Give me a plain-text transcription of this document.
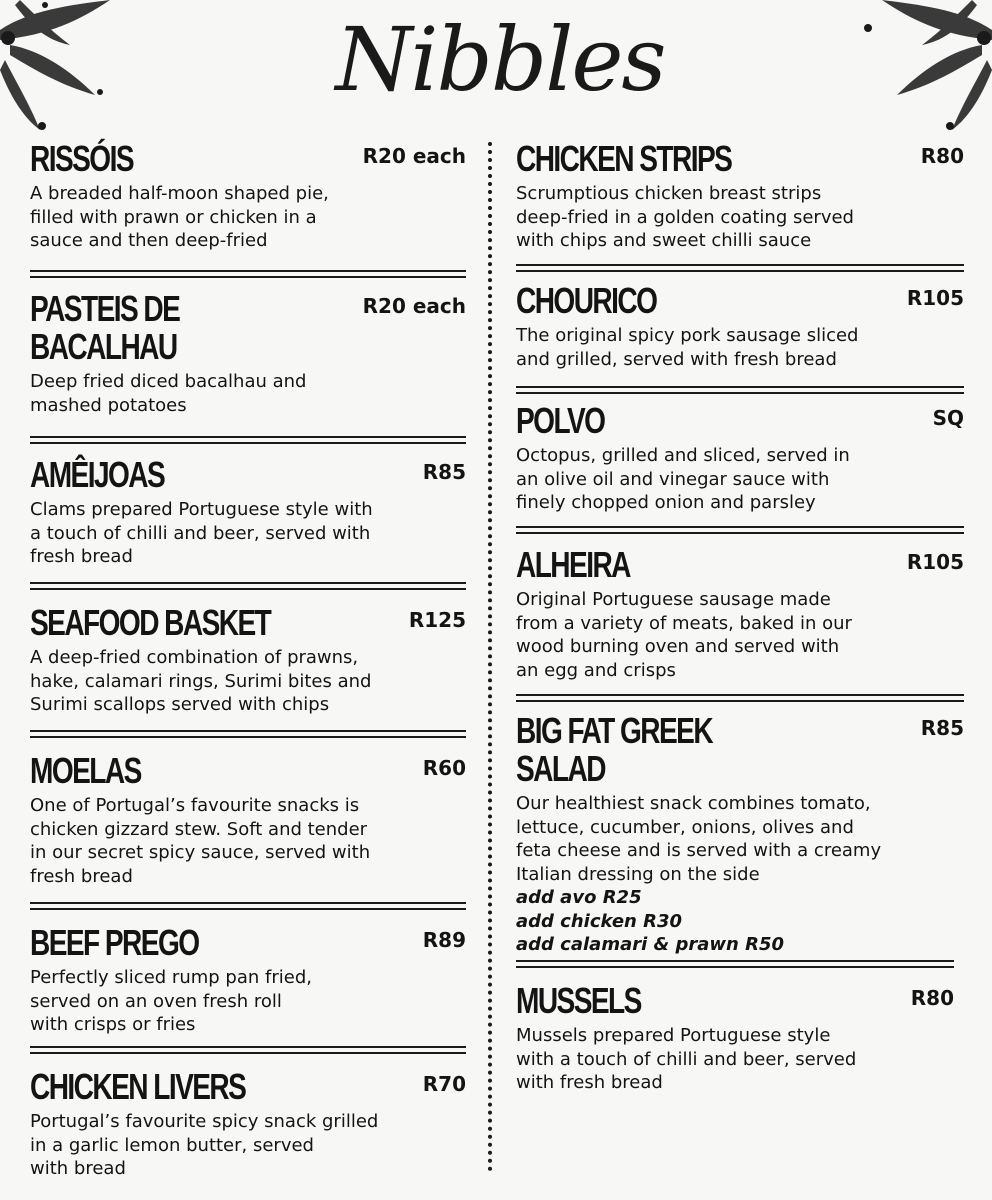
Nibbles
RISSÓIS	R20 each
A breaded half-moon shaped pie,
filled with prawn or chicken in a
sauce and then deep-fried
PASTEIS DE
BACALHAU
R20 each
Deep fried diced bacalhau and
mashed potatoes
AMÊIJOAS	R85
Clams prepared Portuguese style with
a touch of chilli and beer, served with
fresh bread
SEAFOOD BASKET	R125
A deep-fried combination of prawns,
hake, calamari rings, Surimi bites and
Surimi scallops served with chips
MOELAS	R60
One of Portugal’s favourite snacks is
chicken gizzard stew. Soft and tender
in our secret spicy sauce, served with
fresh bread
BEEF PREGO	R89
Perfectly sliced rump pan fried,
served on an oven fresh roll
with crisps or fries
CHICKEN LIVERS	R70
Portugal’s favourite spicy snack grilled
in a garlic lemon butter, served
with bread
CHICKEN STRIPS	R80
Scrumptious chicken breast strips
deep-fried in a golden coating served
with chips and sweet chilli sauce
CHOURICO	R105
The original spicy pork sausage sliced
and grilled, served with fresh bread
POLVO	SQ
Octopus, grilled and sliced, served in
an olive oil and vinegar sauce with
finely chopped onion and parsley
ALHEIRA	R105
Original Portuguese sausage made
from a variety of meats, baked in our
wood burning oven and served with
an egg and crisps
BIG FAT GREEK
SALAD
R85
Our healthiest snack combines tomato,
lettuce, cucumber, onions, olives and
feta cheese and is served with a creamy
Italian dressing on the side
add avo R25
add chicken R30
add calamari & prawn R50
MUSSELS	R80
Mussels prepared Portuguese style
with a touch of chilli and beer, served
with fresh bread
